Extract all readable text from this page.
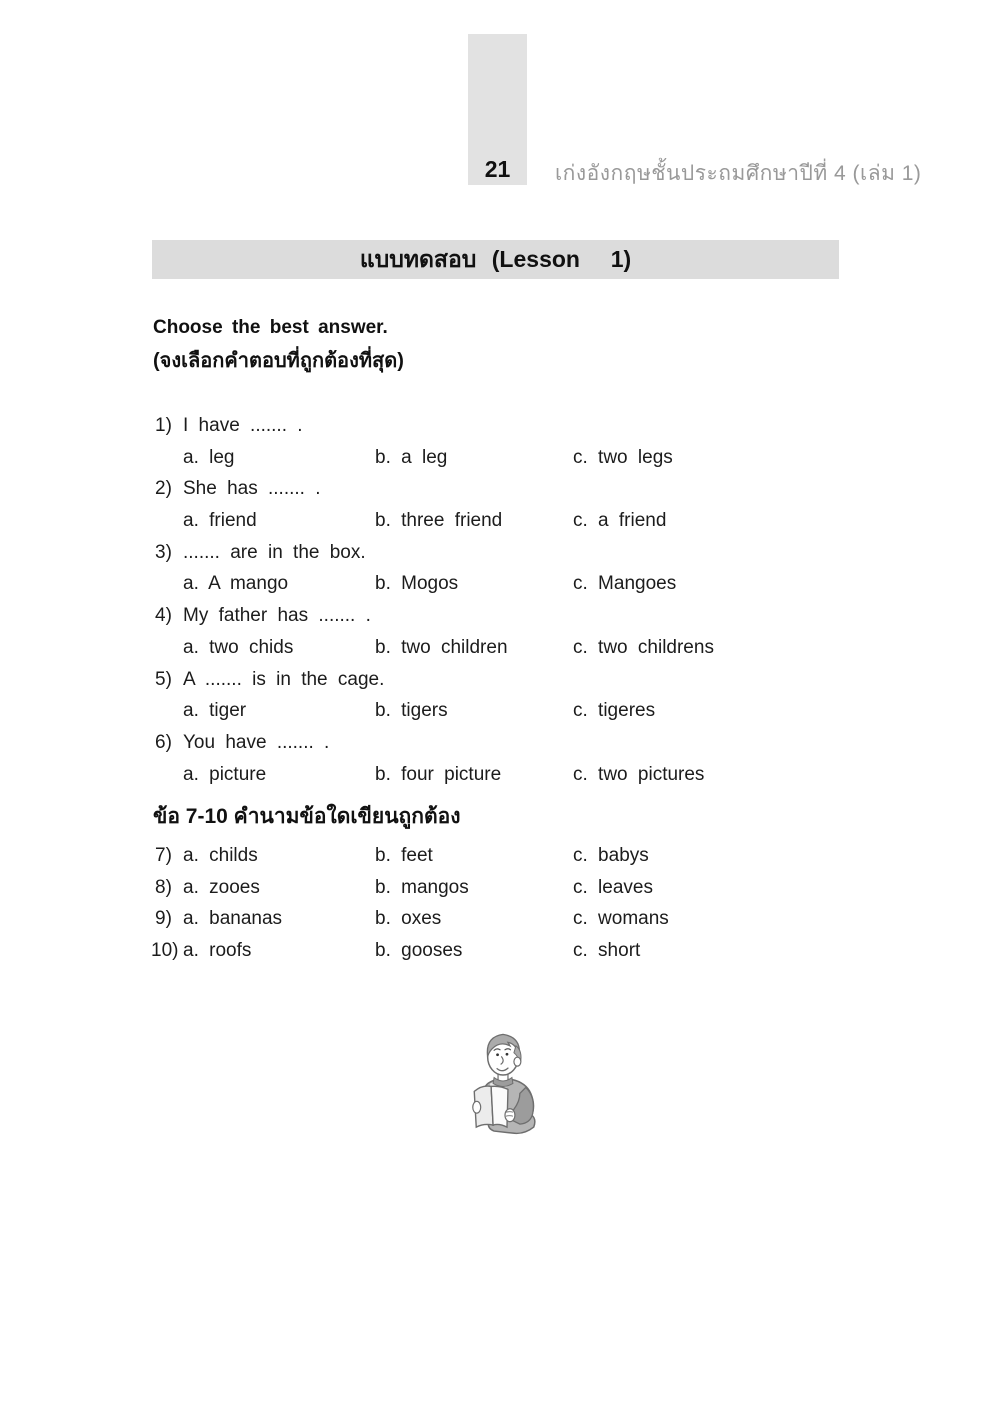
21	เก่งอังกฤษชั้นประถมศึกษาปีที่ 4 (เล่ม 1)
แบบทดสอบ (Lesson  1)
Choose the best answer.
(จงเลือกคำตอบที่ถูกต้องที่สุด)
1) I have ....... .
a. leg	b. a leg	c. two legs
2) She has ....... .
a. friend	b. three friend	c. a friend
3) ....... are in the box.
a. A mango	b. Mogos	c. Mangoes
4) My father has ....... .
a. two chids	b. two children	c. two childrens
5) A ....... is in the cage.
a. tiger	b. tigers	c. tigeres
6) You have ....... .
a. picture	b. four picture	c. two pictures
ข้อ 7-10 คำนามข้อใดเขียนถูกต้อง
7) a. childs	b. feet	c. babys
8) a. zooes	b. mangos	c. leaves
9) a. bananas	b. oxes	c. womans
10) a. roofs	b. gooses	c. short
